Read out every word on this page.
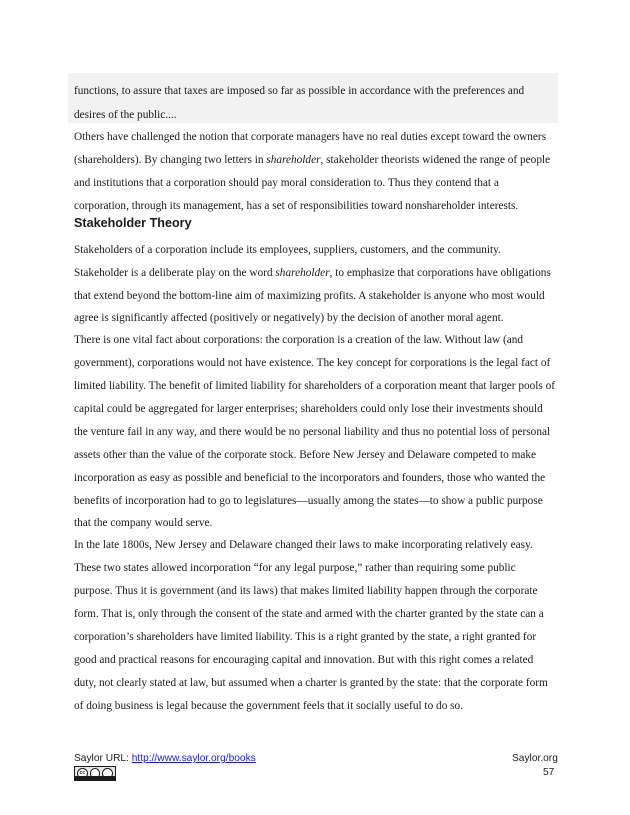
functions, to assure that taxes are imposed so far as possible in accordance with the preferences and
desires of the public....
Others have challenged the notion that corporate managers have no real duties except toward the owners
(shareholders). By changing two letters in shareholder, stakeholder theorists widened the range of people
and institutions that a corporation should pay moral consideration to. Thus they contend that a
corporation, through its management, has a set of responsibilities toward nonshareholder interests.
Stakeholder Theory
Stakeholders of a corporation include its employees, suppliers, customers, and the community.
Stakeholder is a deliberate play on the word shareholder, to emphasize that corporations have obligations
that extend beyond the bottom-line aim of maximizing profits. A stakeholder is anyone who most would
agree is significantly affected (positively or negatively) by the decision of another moral agent.
There is one vital fact about corporations: the corporation is a creation of the law. Without law (and
government), corporations would not have existence. The key concept for corporations is the legal fact of
limited liability. The benefit of limited liability for shareholders of a corporation meant that larger pools of
capital could be aggregated for larger enterprises; shareholders could only lose their investments should
the venture fail in any way, and there would be no personal liability and thus no potential loss of personal
assets other than the value of the corporate stock. Before New Jersey and Delaware competed to make
incorporation as easy as possible and beneficial to the incorporators and founders, those who wanted the
benefits of incorporation had to go to legislatures—usually among the states—to show a public purpose
that the company would serve.
In the late 1800s, New Jersey and Delaware changed their laws to make incorporating relatively easy.
These two states allowed incorporation “for any legal purpose,” rather than requiring some public
purpose. Thus it is government (and its laws) that makes limited liability happen through the corporate
form. That is, only through the consent of the state and armed with the charter granted by the state can a
corporation’s shareholders have limited liability. This is a right granted by the state, a right granted for
good and practical reasons for encouraging capital and innovation. But with this right comes a related
duty, not clearly stated at law, but assumed when a charter is granted by the state: that the corporate form
of doing business is legal because the government feels that it socially useful to do so.
Saylor URL: http://www.saylor.org/books	Saylor.org
57
cc
